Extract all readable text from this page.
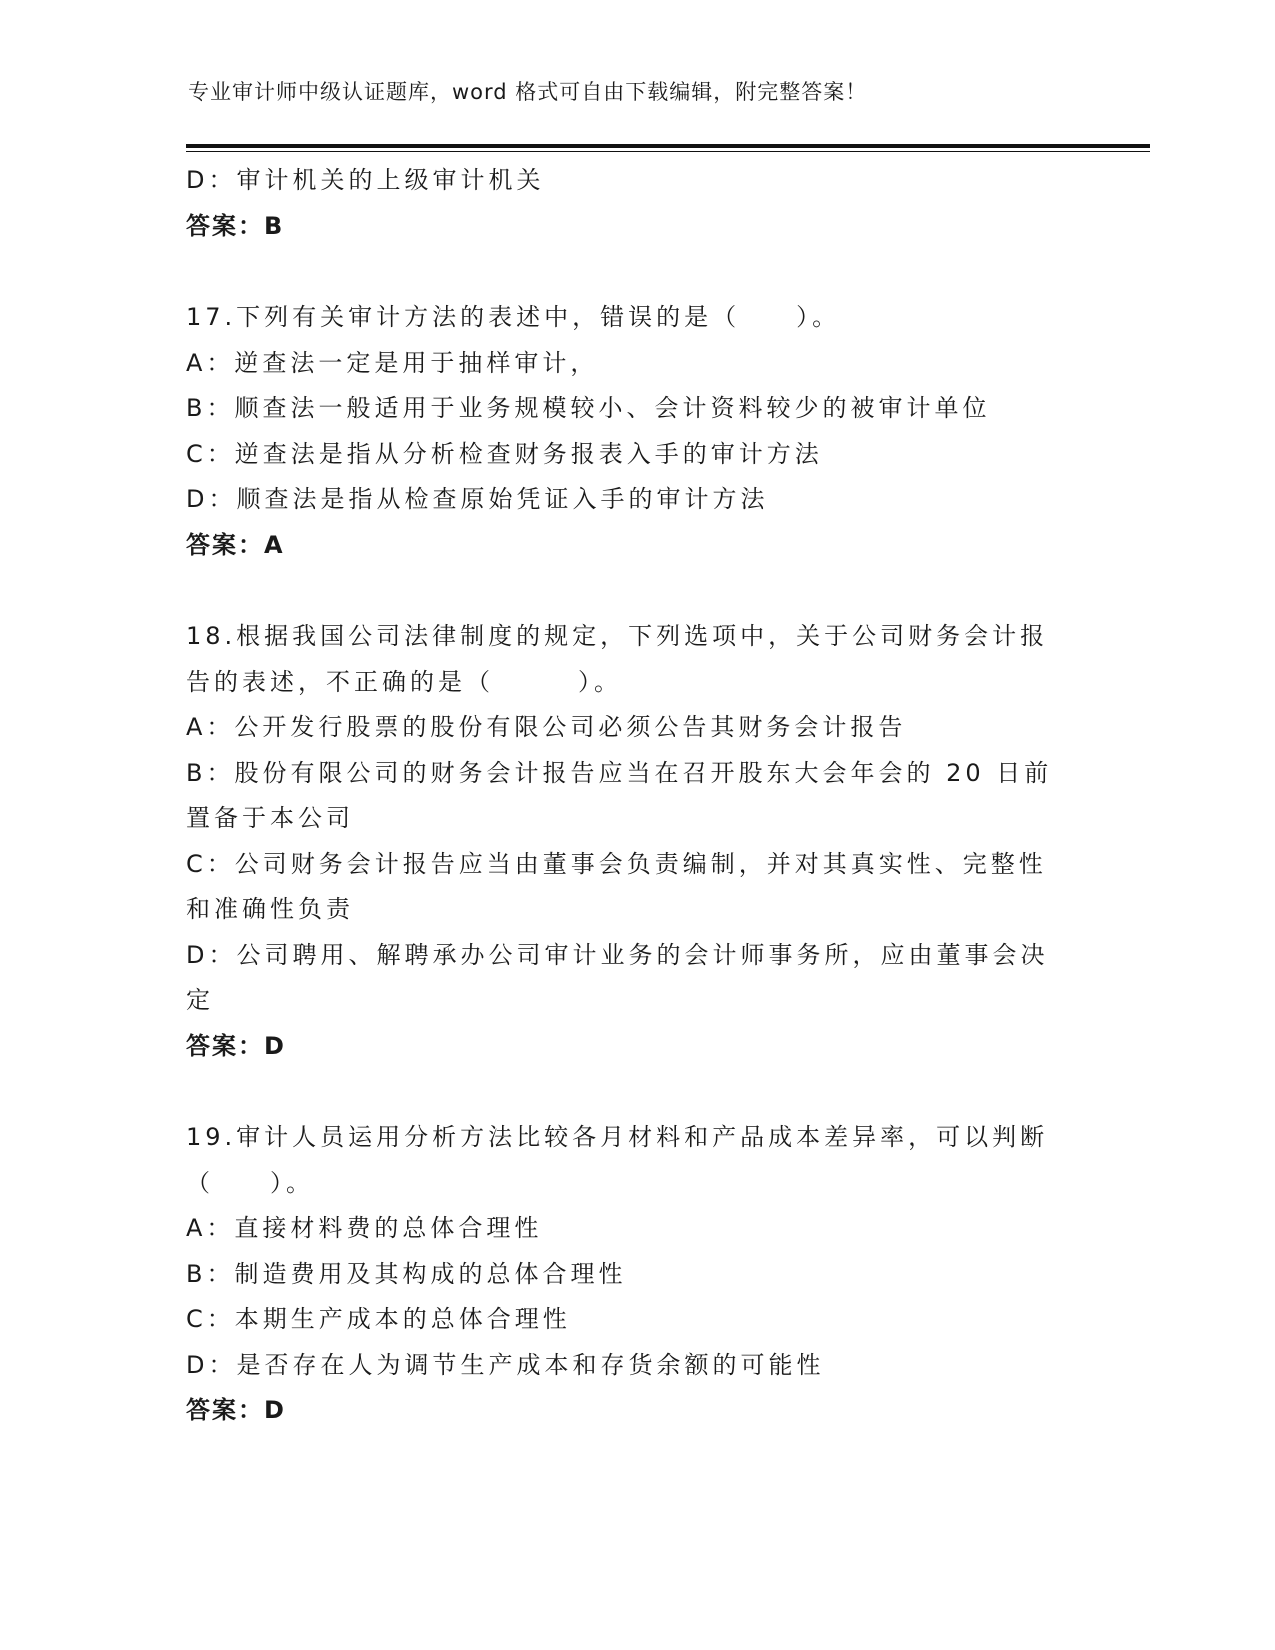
专业审计师中级认证题库，word 格式可自由下载编辑，附完整答案！
D：审计机关的上级审计机关
答案：B
17.下列有关审计方法的表述中，错误的是（　　）。
A：逆查法一定是用于抽样审计，
B：顺查法一般适用于业务规模较小、会计资料较少的被审计单位
C：逆查法是指从分析检查财务报表入手的审计方法
D：顺查法是指从检查原始凭证入手的审计方法
答案：A
18.根据我国公司法律制度的规定，下列选项中，关于公司财务会计报
告的表述，不正确的是（　　　）。
A：公开发行股票的股份有限公司必须公告其财务会计报告
B：股份有限公司的财务会计报告应当在召开股东大会年会的 20 日前
置备于本公司
C：公司财务会计报告应当由董事会负责编制，并对其真实性、完整性
和准确性负责
D：公司聘用、解聘承办公司审计业务的会计师事务所，应由董事会决
定
答案：D
19.审计人员运用分析方法比较各月材料和产品成本差异率，可以判断
（　　）。
A：直接材料费的总体合理性
B：制造费用及其构成的总体合理性
C：本期生产成本的总体合理性
D：是否存在人为调节生产成本和存货余额的可能性
答案：D
